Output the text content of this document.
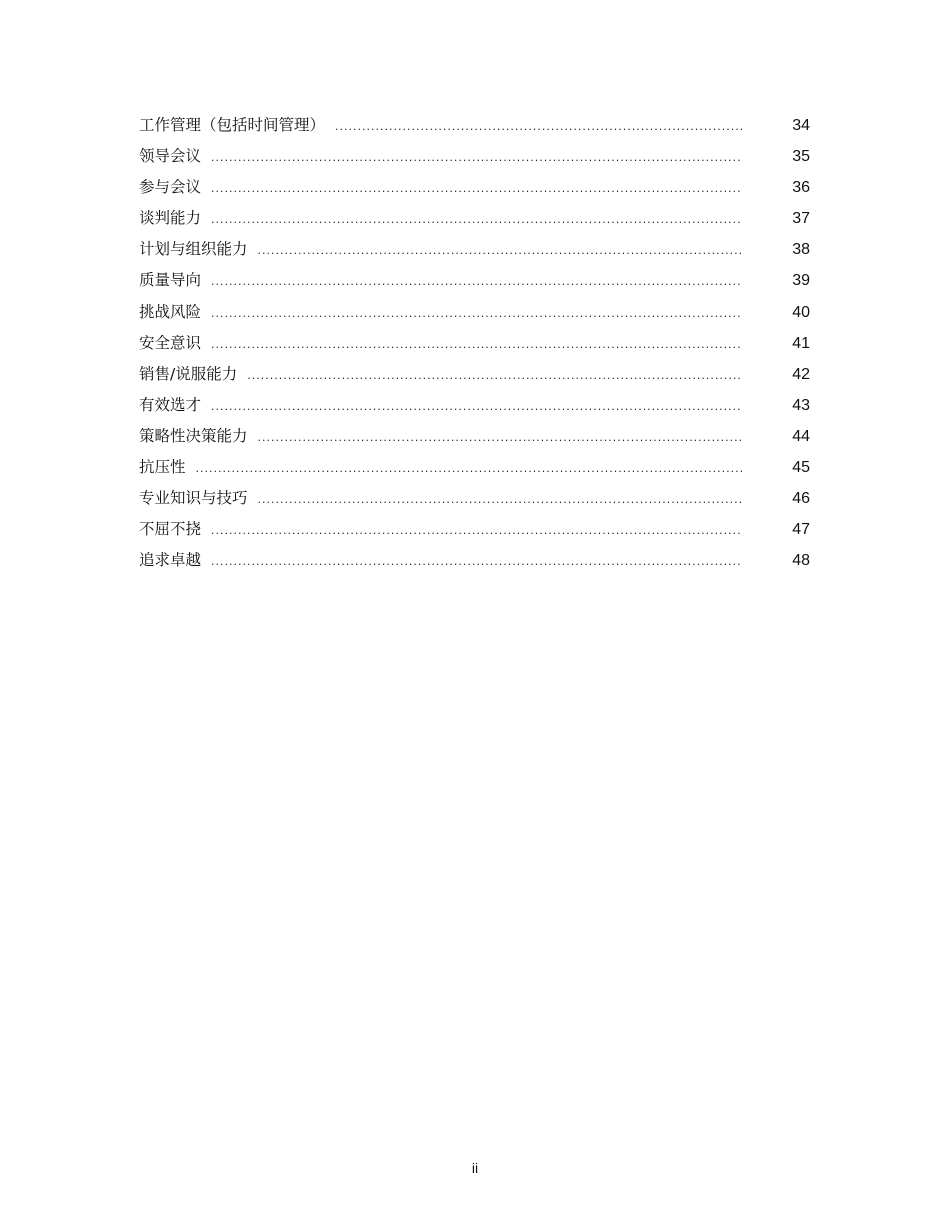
工作管理（包括时间管理） .....	34
领导会议 .....	35
参与会议 .....	36
谈判能力 .....	37
计划与组织能力 .....	38
质量导向 .....	39
挑战风险 .....	40
安全意识 .....	41
销售/说服能力 .....	42
有效选才 .....	43
策略性决策能力 .....	44
抗压性 .....	45
专业知识与技巧 .....	46
不屈不挠 .....	47
追求卓越 .....	48
ii
